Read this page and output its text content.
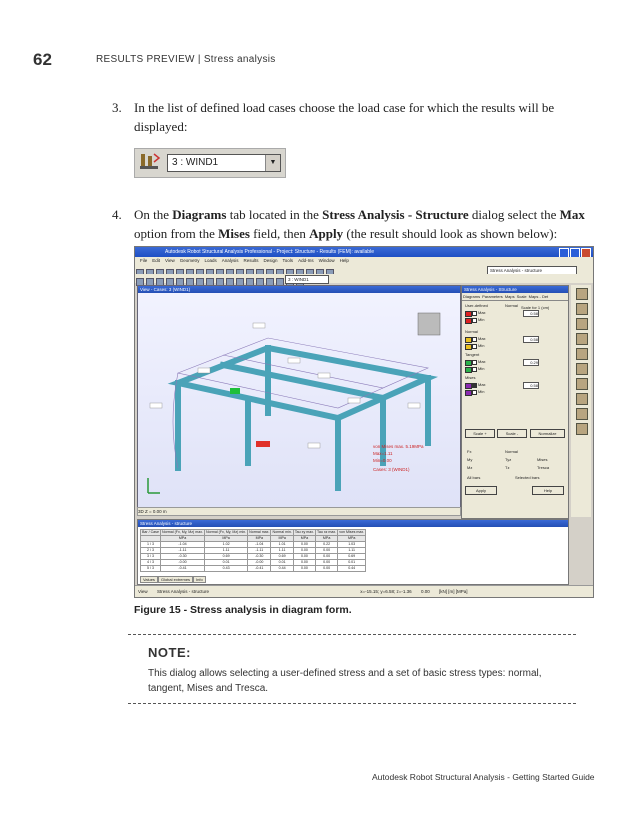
62	RESULTS PREVIEW | Stress analysis
3. In the list of defined load cases choose the load case for which the results will be displayed:
3 : WIND1	▼
4. On the Diagrams tab located in the Stress Analysis - Structure dialog select the Max option from the Mises field, then Apply (the result should look as shown below):
Autodesk Robot Structural Analysis Professional - Project: Structure - Results (FEM): available
File Edit View Geometry Loads Analysis Results Design Tools Add-Ins Window Help
Stress Analysis - structure
3 : WIND1
View - Cases: 3 (WIND1)
von Mises max. 5.19MPa
Max=1.11
Min=0.00
Cases: 3 (WIND1)
3D Z = 0.00 m
Stress Analysis - Structure
Diagrams Parameters Maps Scale Maps - Det
User-defined	Normal
Max
Scale for 1 (cm)
0.58
Min
Normal
Max	0.58
Min
Tangent
Max	0.29
Min
Mises
Max	0.58
Min
Scale +	Scale -	Normalize
Fx	Normal
My	Tyz	Mises
Mz	Tz	Tresca
All bars	Selected bars
Apply	Help
Stress Analysis - structure
Bar / Case	Normal (Fx, My, Mz) max.	Normal (Fx, My, Mz) min.	Normal max.	Normal min.	Tau xy max.	Tau xz max.	von Mises max.
	MPa	MPa	MPa	MPa	MPa	MPa	MPa
1 / 3	-1.04	1.02	-1.04	1.01	0.00	0.22	1.03
2 / 3	-1.11	1.11	-1.11	1.11	0.00	0.00	1.11
3 / 3	-0.30	0.69	-0.30	0.69	0.00	0.00	0.69
4 / 3	-0.00	0.01	-0.00	0.01	0.00	0.00	0.01
5 / 3	-0.41	0.43	-0.41	0.44	0.00	0.00	0.44
Values Global extremes Info
View Stress Analysis - structure	x=-15.15; y=6.58; z=-1.36 0.00 [kN] [m] [MPa]
Figure 15 - Stress analysis in diagram form.
NOTE:
This dialog allows selecting a user-defined stress and a set of basic stress types: normal, tangent, Mises and Tresca.
Autodesk Robot Structural Analysis - Getting Started Guide
